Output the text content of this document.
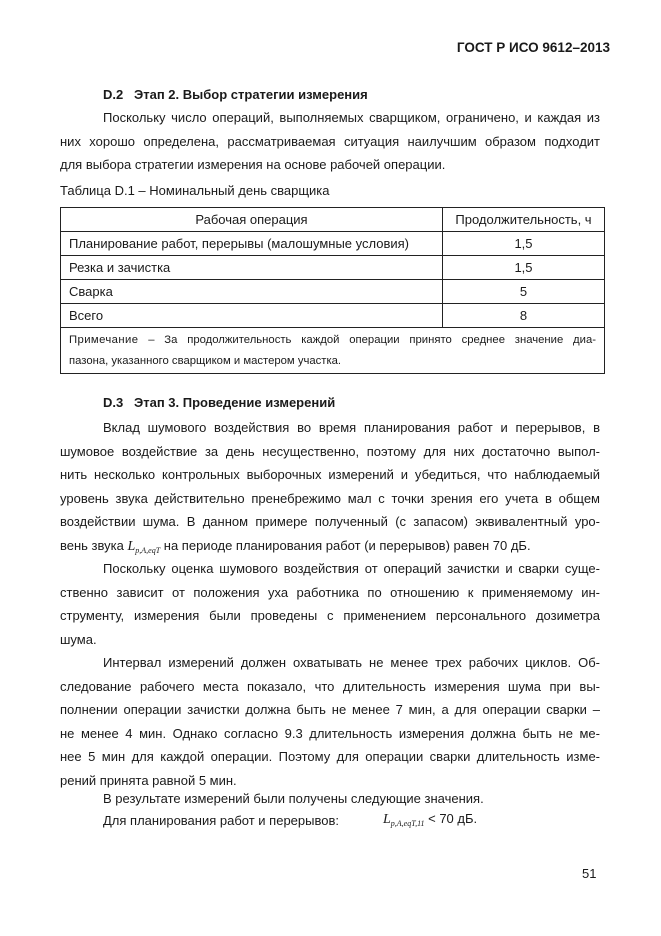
ГОСТ Р ИСО 9612–2013
D.2 Этап 2. Выбор стратегии измерения
Поскольку число операций, выполняемых сварщиком, ограничено, и каждая из
них хорошо определена, рассматриваемая ситуация наилучшим образом подходит
для выбора стратегии измерения на основе рабочей операции.
Таблица D.1 – Номинальный день сварщика
Рабочая операция	Продолжительность, ч
Планирование работ, перерывы (малошумные условия)	1,5
Резка и зачистка	1,5
Сварка	5
Всего	8

Примечание – За продолжительность каждой операции принято среднее значение диа-
пазона, указанного сварщиком и мастером участка.	
D.3 Этап 3. Проведение измерений
Вклад шумового воздействия во время планирования работ и перерывов, в
шумовое воздействие за день несущественно, поэтому для них достаточно выпол-
нить несколько контрольных выборочных измерений и убедиться, что наблюдаемый
уровень звука действительно пренебрежимо мал с точки зрения его учета в общем
воздействии шума. В данном примере полученный (с запасом) эквивалентный уро-
вень звука $L_{p,A,eqT}$ на периоде планирования работ (и перерывов) равен 70 дБ.
Поскольку оценка шумового воздействия от операций зачистки и сварки суще-
ственно зависит от положения уха работника по отношению к применяемому ин-
струменту, измерения были проведены с применением персонального дозиметра
шума.
Интервал измерений должен охватывать не менее трех рабочих циклов. Об-
следование рабочего места показало, что длительность измерения шума при вы-
полнении операции зачистки должна быть не менее 7 мин, а для операции сварки –
не менее 4 мин. Однако согласно 9.3 длительность измерения должна быть не ме-
нее 5 мин для каждой операции. Поэтому для операции сварки длительность изме-
рений принята равной 5 мин.
В результате измерений были получены следующие значения.
Для планирования работ и перерывов:	$L_{p,A,eqT,11} < 70$ дБ.
51
